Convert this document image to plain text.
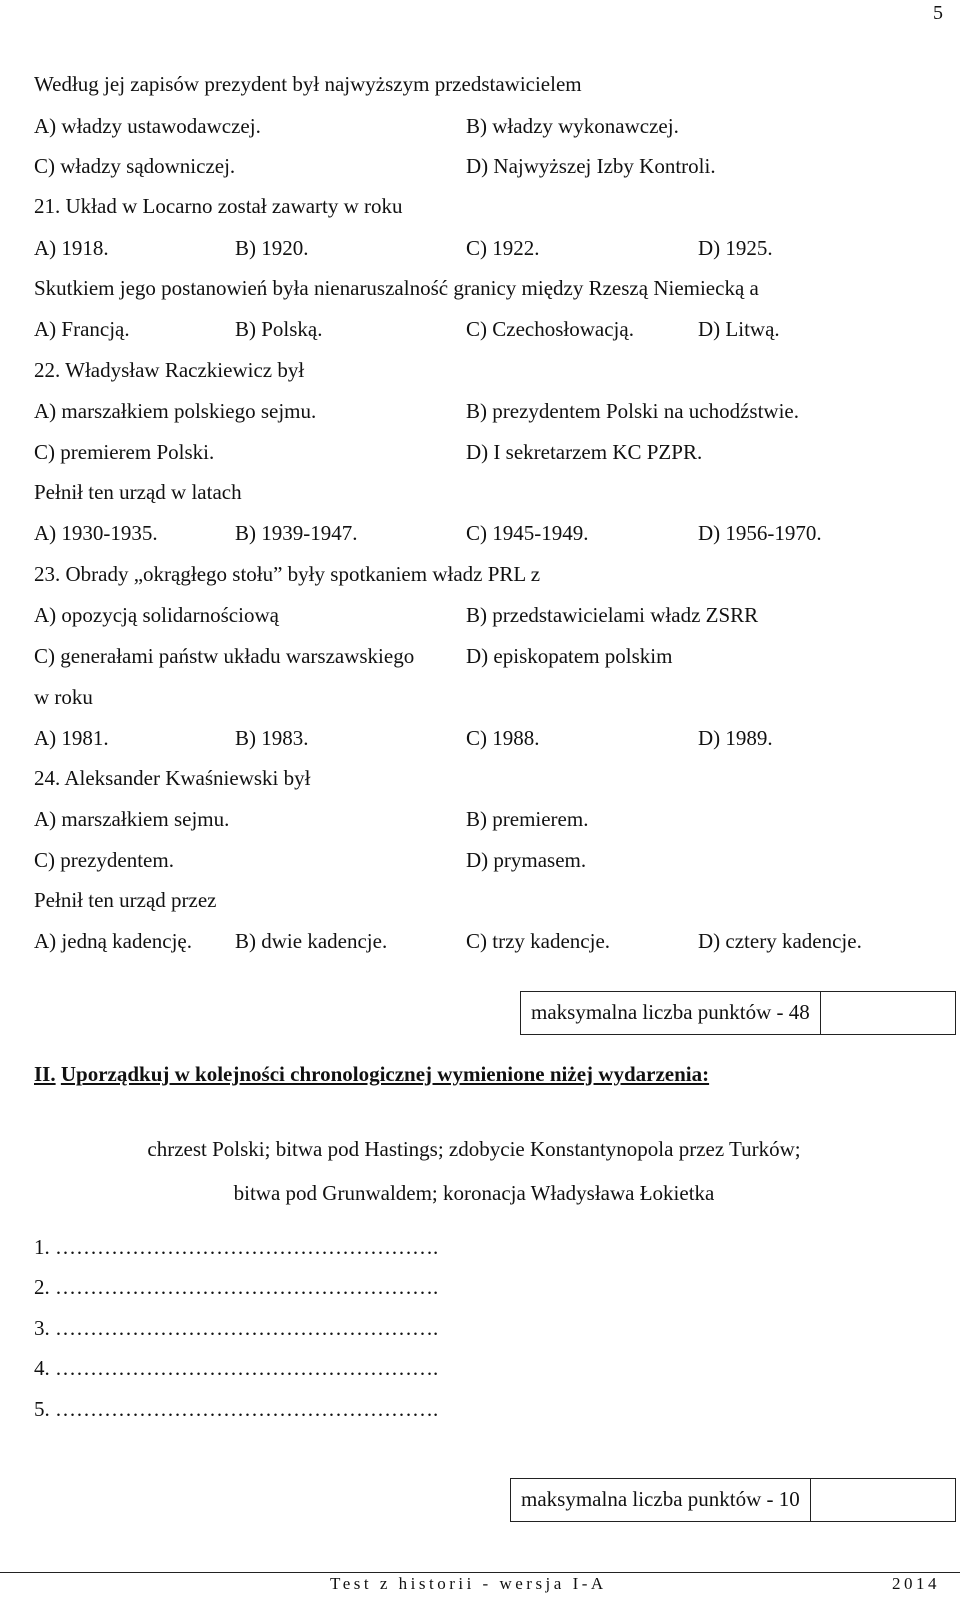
5
Według jej zapisów prezydent był najwyższym przedstawicielem
A) władzy ustawodawczej.	B) władzy wykonawczej.
C) władzy sądowniczej.	D) Najwyższej Izby Kontroli.
21. Układ w Locarno został zawarty w roku
A) 1918.	B) 1920.	C) 1922.	D) 1925.
Skutkiem jego postanowień była nienaruszalność granicy między Rzeszą Niemiecką a
A) Francją.	B) Polską.	C) Czechosłowacją.	D) Litwą.
22. Władysław Raczkiewicz był
A) marszałkiem polskiego sejmu.	B) prezydentem Polski na uchodźstwie.
C) premierem Polski.	D) I sekretarzem KC PZPR.
Pełnił ten urząd w latach
A) 1930-1935.	B) 1939-1947.	C) 1945-1949.	D) 1956-1970.
23. Obrady „okrągłego stołu” były spotkaniem władz PRL z
A) opozycją solidarnościową	B) przedstawicielami władz ZSRR
C) generałami państw układu warszawskiego D) episkopatem polskim
w roku
A) 1981.	B) 1983.	C) 1988.	D) 1989.
24. Aleksander Kwaśniewski był
A) marszałkiem sejmu.	B) premierem.
C) prezydentem.	D) prymasem.
Pełnił ten urząd przez
A) jedną kadencję. B) dwie kadencje.	C) trzy kadencje.	D) cztery kadencje.
maksymalna liczba punktów - 48
II. Uporządkuj w kolejności chronologicznej wymienione niżej wydarzenia:
chrzest Polski; bitwa pod Hastings; zdobycie Konstantynopola przez Turków;
bitwa pod Grunwaldem; koronacja Władysława Łokietka
1. ……………………………………………….
2. ……………………………………………….
3. ……………………………………………….
4. ……………………………………………….
5. ……………………………………………….
maksymalna liczba punktów - 10
Test z historii - wersja I-A	2014
